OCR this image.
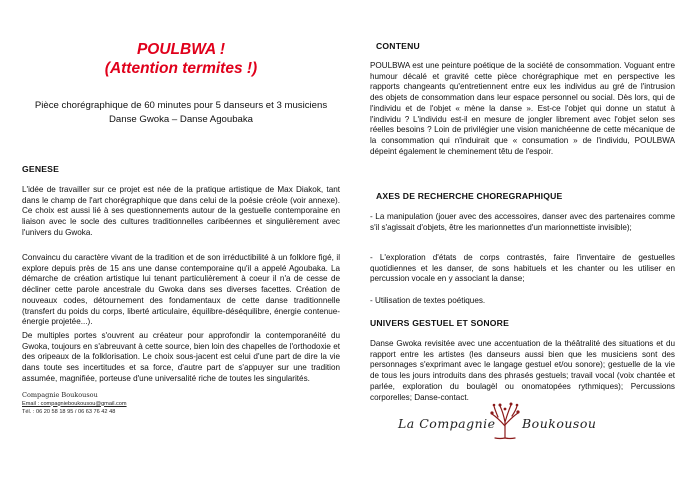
POULBWA !
(Attention termites !)
Pièce chorégraphique de 60 minutes pour 5 danseurs et 3 musiciens
Danse Gwoka – Danse Agoubaka
GENESE

L'idée de travailler sur ce projet est née de la pratique artistique de Max Diakok, tant dans le champ de l'art chorégraphique que dans celui de la poésie créole (voir annexe). Ce choix est aussi lié à ses questionnements autour de la gestuelle contemporaine en liaison avec le socle des cultures traditionnelles caribéennes et singulièrement avec l'univers du Gwoka.

Convaincu du caractère vivant de la tradition et de son irréductibilité à un folklore figé, il explore depuis près de 15 ans une danse contemporaine qu'il a appelé Agoubaka. La démarche de création artistique lui tenant particulièrement à coeur il n'a de cesse de décliner cette parole ancestrale du Gwoka dans ses diverses facettes. Création de nouveaux codes, détournement des fondamentaux de cette danse traditionnelle (transfert du poids du corps, liberté articulaire, équilibre-déséquilibre, énergie contenue-énergie projetée...).

De multiples portes s'ouvrent au créateur pour approfondir la contemporanéité du Gwoka, toujours en s'abreuvant à cette source, bien loin des chapelles de l'orthodoxie et des oripeaux de la folklorisation. Le choix sous-jacent est celui d'une part de dire la vie dans toute ses incertitudes et sa force, d'autre part de s'appuyer sur une tradition assumée, magnifiée, porteuse d'une universalité riche de toutes les singularités.

Compagnie Boukousou
Email : compagnieboukousou@gmail.com
Tél. : 06 20 58 18 95 / 06 63 76 42 48
CONTENU

POULBWA est une peinture poétique de la société de consommation. Voguant entre humour décalé et gravité cette pièce chorégraphique met en perspective les rapports changeants qu'entretiennent entre eux les individus au gré de l'intrusion des objets de consommation dans leur espace personnel ou social. Dès lors, qui de l'individu et de l'objet « mène la danse ». Est-ce l'objet qui donne un statut à l'individu ? L'individu est-il en mesure de jongler librement avec l'objet selon ses réelles besoins ? Loin de privilégier une vision manichéenne de cette mécanique de la consommation qui n'induirait que « consumation » de l'individu, POULBWA dépeint également le cheminement têtu de l'espoir.

AXES DE RECHERCHE CHOREGRAPHIQUE

- La manipulation (jouer avec des accessoires, danser avec des partenaires comme s'il s'agissait d'objets, être les marionnettes d'un marionnettiste invisible);

- L'exploration d'états de corps contrastés, faire l'inventaire de gestuelles quotidiennes et les danser, de sons habituels et les chanter ou les utiliser en percussion vocale en y associant la danse;

- Utilisation de textes poétiques.

UNIVERS GESTUEL ET SONORE

Danse Gwoka revisitée avec une accentuation de la théâtralité des situations et du rapport entre les artistes (les danseurs aussi bien que les musiciens sont des personnages s'exprimant avec le langage gestuel et/ou sonore); gestuelle de la vie de tous les jours introduits dans des phrasés gestuels; travail vocal (voix chantée et parlée, exploration du boulagèl ou onomatopées rythmiques); Percussions corporelles; Danse-contact.

La Compagnie Boukousou
